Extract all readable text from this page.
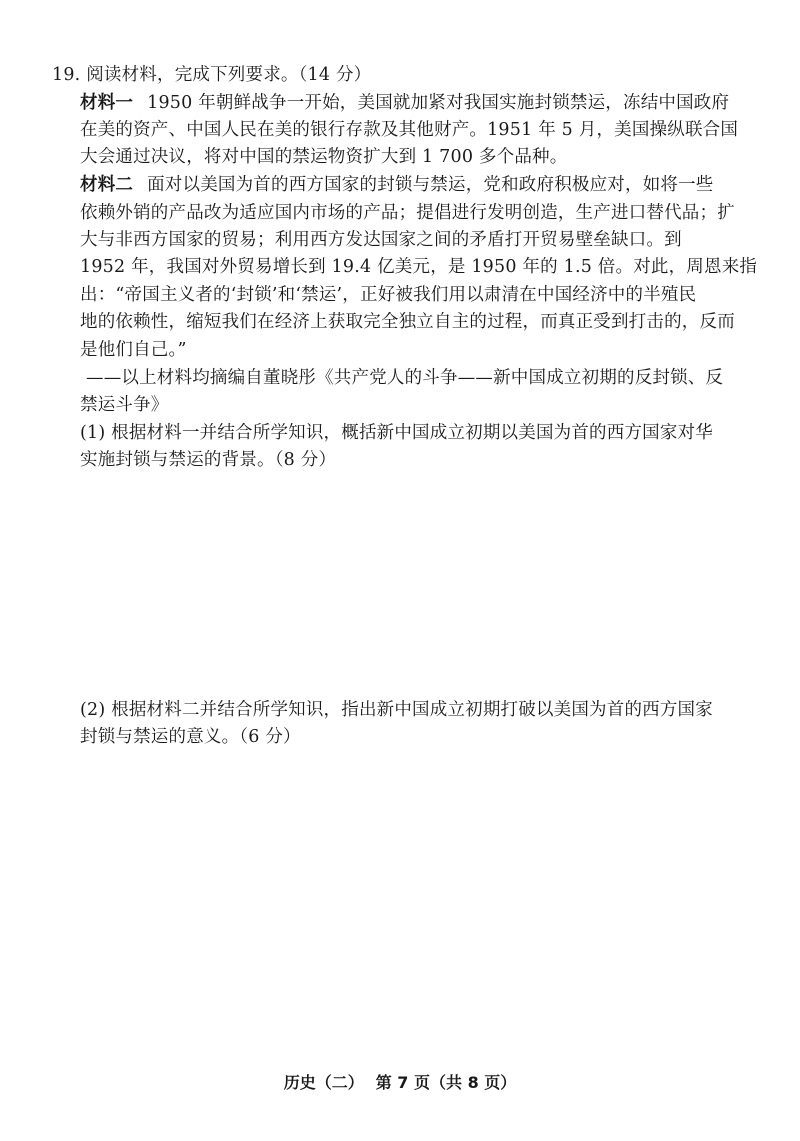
19. 阅读材料，完成下列要求。（14 分）
材料一 1950 年朝鲜战争一开始，美国就加紧对我国实施封锁禁运，冻结中国政府
在美的资产、中国人民在美的银行存款及其他财产。1951 年 5 月，美国操纵联合国
大会通过决议，将对中国的禁运物资扩大到 1 700 多个品种。
材料二 面对以美国为首的西方国家的封锁与禁运，党和政府积极应对，如将一些
依赖外销的产品改为适应国内市场的产品；提倡进行发明创造，生产进口替代品；扩
大与非西方国家的贸易；利用西方发达国家之间的矛盾打开贸易壁垒缺口。到
1952 年，我国对外贸易增长到 19.4 亿美元，是 1950 年的 1.5 倍。对此，周恩来指
出：“帝国主义者的‘封锁’和‘禁运’，正好被我们用以肃清在中国经济中的半殖民
地的依赖性，缩短我们在经济上获取完全独立自主的过程，而真正受到打击的，反而
是他们自己。”
——以上材料均摘编自董晓彤《共产党人的斗争——新中国成立初期的反封锁、反
禁运斗争》
(1) 根据材料一并结合所学知识，概括新中国成立初期以美国为首的西方国家对华
实施封锁与禁运的背景。（8 分）
(2) 根据材料二并结合所学知识，指出新中国成立初期打破以美国为首的西方国家
封锁与禁运的意义。（6 分）
历史（二） 第 7 页（共 8 页）
